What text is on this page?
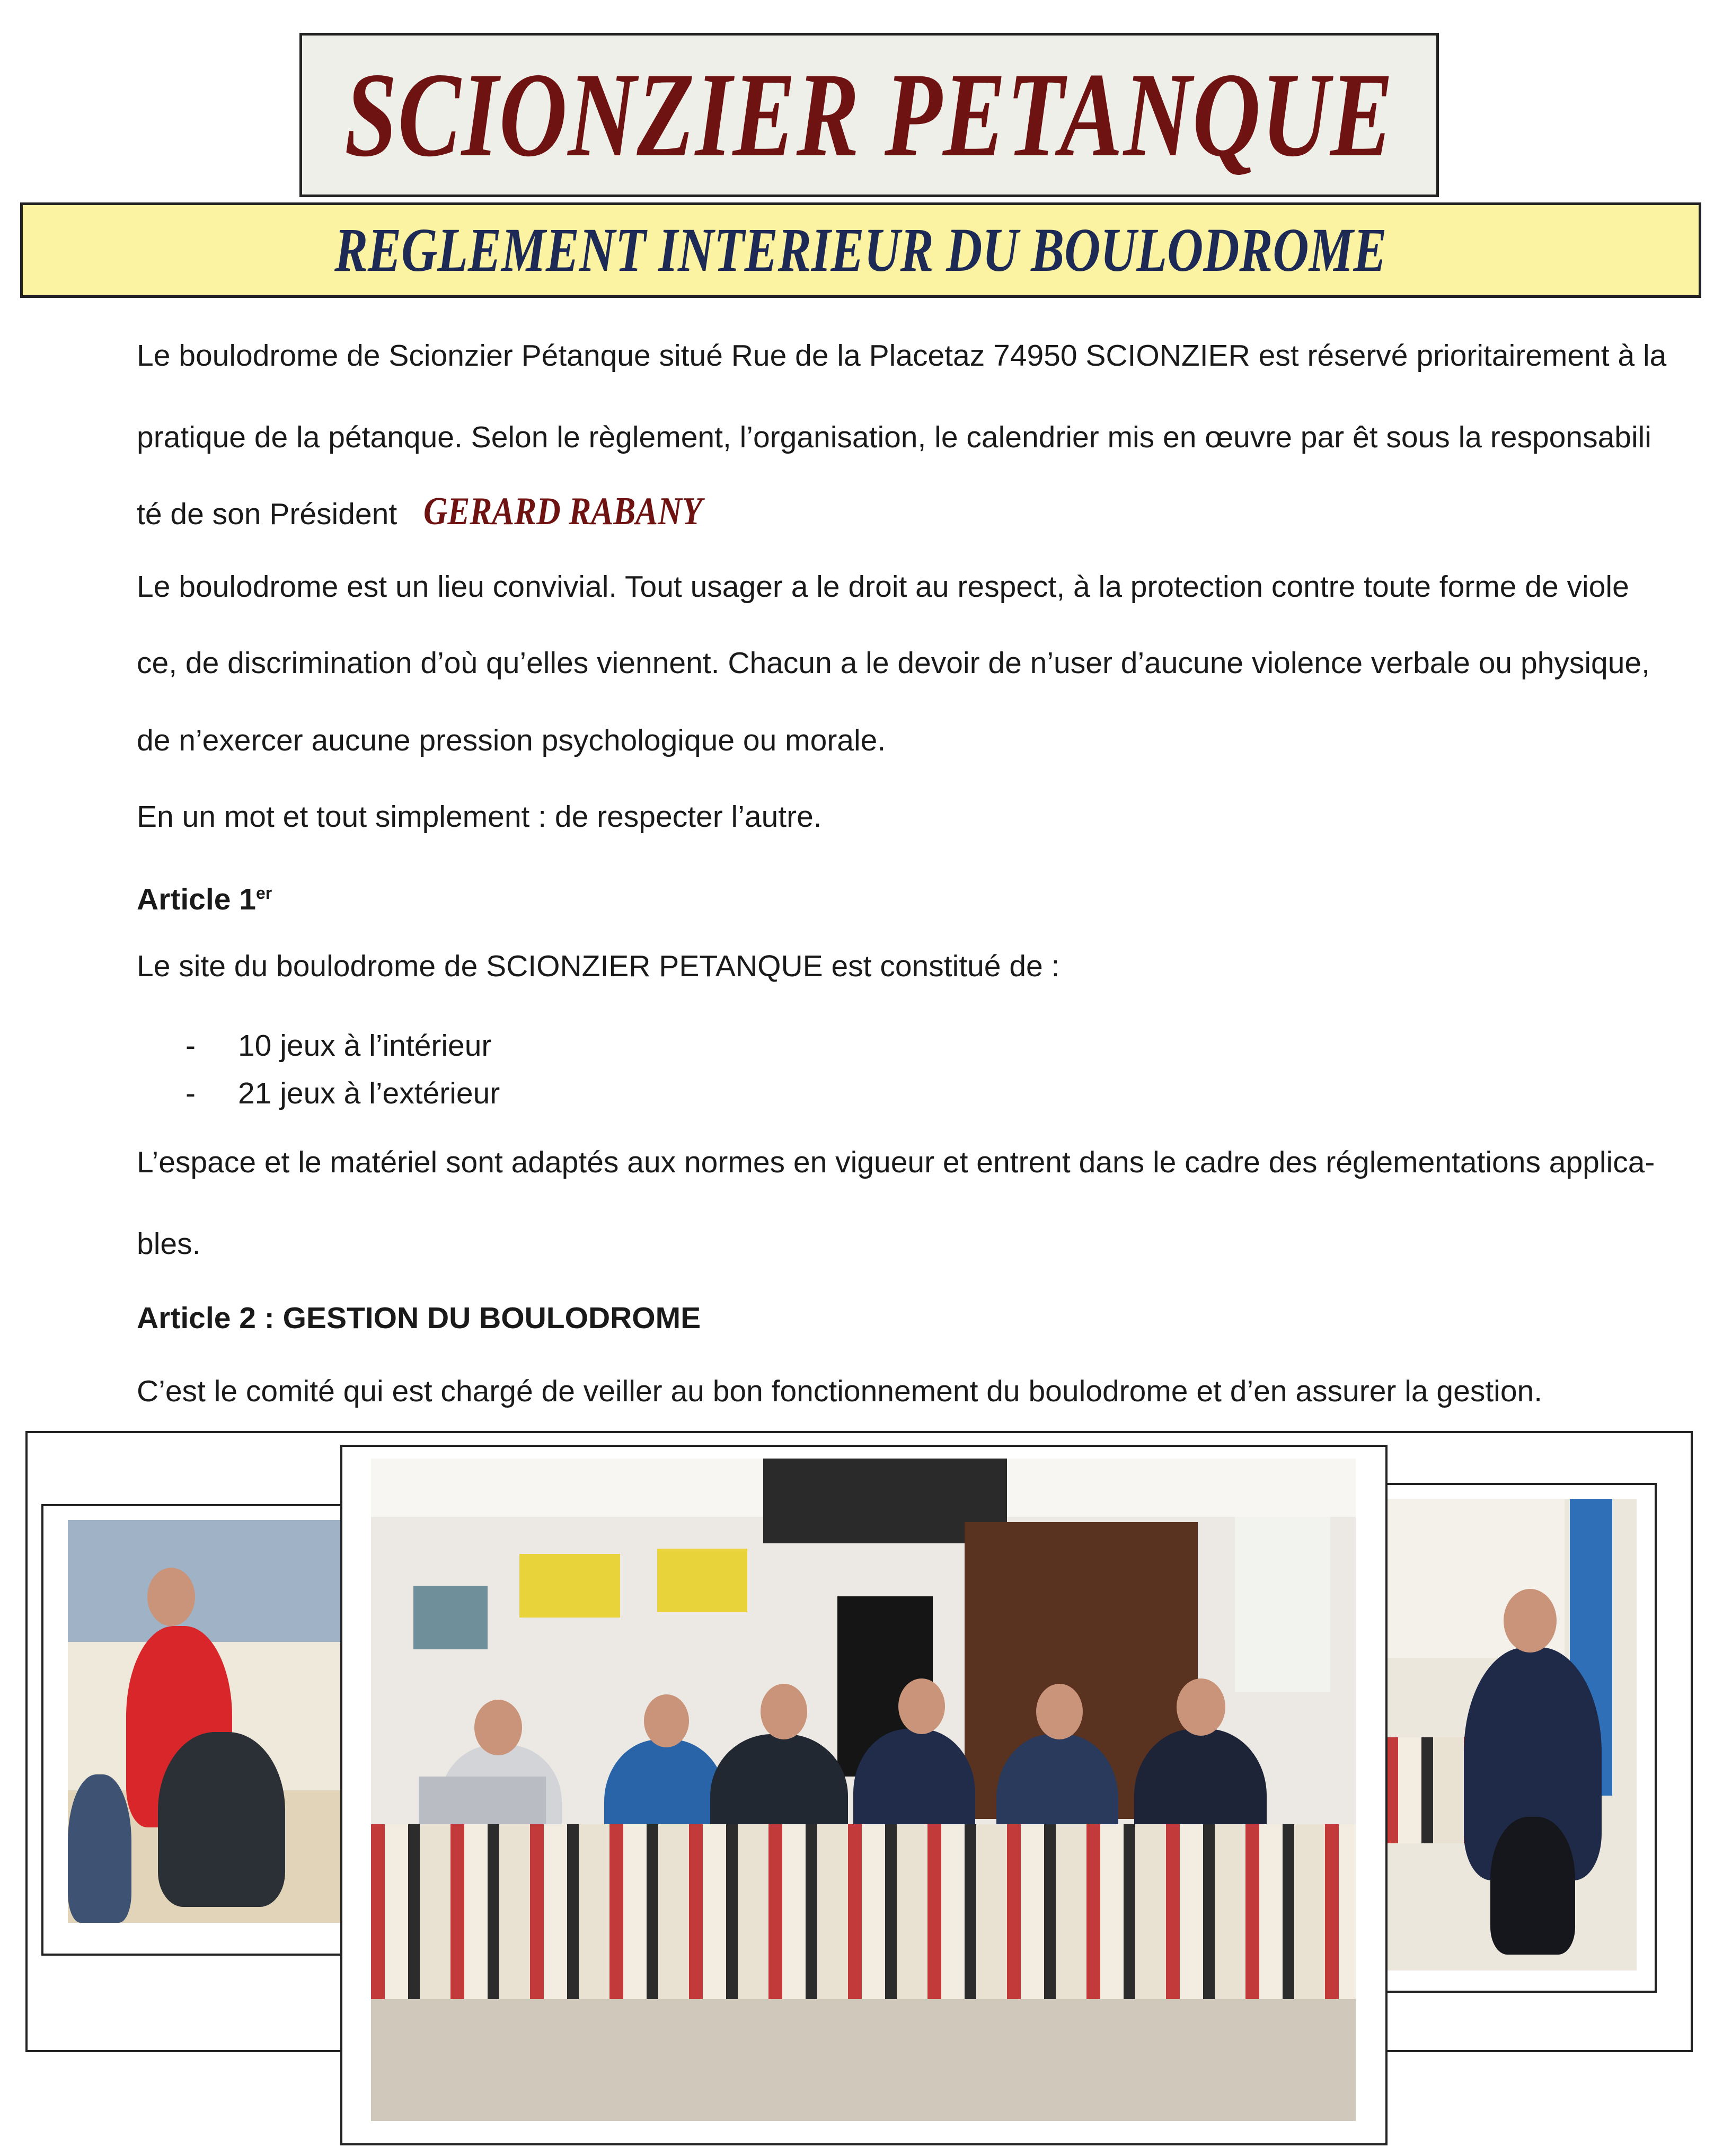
SCIONZIER PETANQUE
REGLEMENT INTERIEUR DU BOULODROME
Le boulodrome de Scionzier Pétanque situé Rue de la Placetaz 74950 SCIONZIER est réservé prioritairement à la
pratique de la pétanque. Selon le règlement, l’organisation, le calendrier mis en œuvre par êt sous la responsabili
té de son Président GERARD RABANY
Le boulodrome est un lieu convivial. Tout usager a le droit au respect, à la protection contre toute forme de viole
ce, de discrimination d’où qu’elles viennent. Chacun a le devoir de n’user d’aucune violence verbale ou physique,
de n’exercer aucune pression psychologique ou morale.
En un mot et tout simplement : de respecter l’autre.
Article 1er
Le site du boulodrome de SCIONZIER PETANQUE est constitué de :
- 10 jeux à l’intérieur
- 21 jeux à l’extérieur
L’espace et le matériel sont adaptés aux normes en vigueur et entrent dans le cadre des réglementations applica-
bles.
Article 2 : GESTION DU BOULODROME
C’est le comité qui est chargé de veiller au bon fonctionnement du boulodrome et d’en assurer la gestion.
